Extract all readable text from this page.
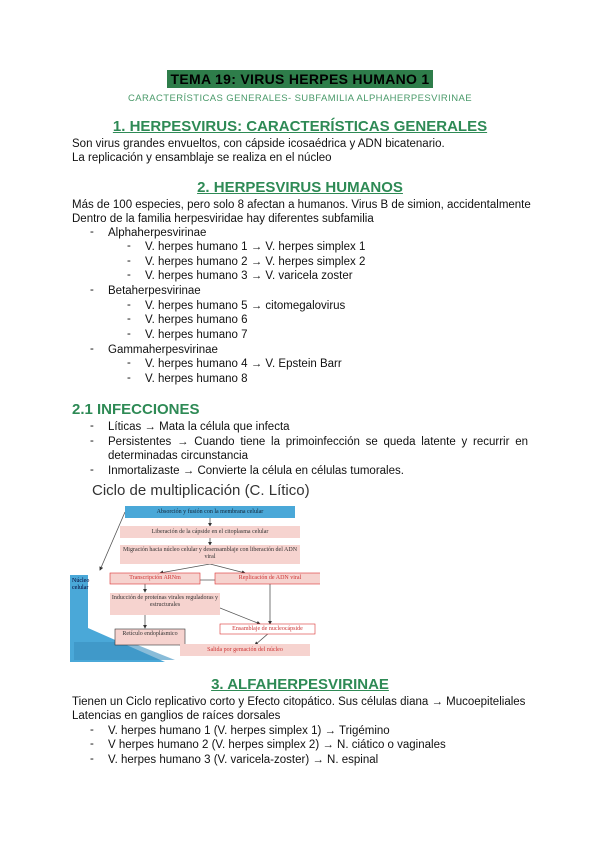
TEMA 19: VIRUS HERPES HUMANO 1
CARACTERÍSTICAS GENERALES- SUBFAMILIA ALPHAHERPESVIRINAE
1. HERPESVIRUS: CARACTERÍSTICAS GENERALES
Son virus grandes envueltos, con cápside icosaédrica y ADN bicatenario.
La replicación y ensamblaje se realiza en el núcleo
2. HERPESVIRUS HUMANOS
Más de 100 especies, pero solo 8 afectan a humanos. Virus B de simion, accidentalmente
Dentro de la familia herpesviridae hay diferentes subfamilia
- Alphaherpesvirinae
- V. herpes humano 1 → V. herpes simplex 1
- V. herpes humano 2 → V. herpes simplex 2
- V. herpes humano 3 → V. varicela zoster
- Betaherpesvirinae
- V. herpes humano 5 → citomegalovirus
- V. herpes humano 6
- V. herpes humano 7
- Gammaherpesvirinae
- V. herpes humano 4 → V. Epstein Barr
- V. herpes humano 8
2.1 INFECCIONES
- Líticas → Mata la célula que infecta
- Persistentes → Cuando tiene la primoinfección se queda latente y recurrir en determinadas circunstancia
- Inmortalizaste → Convierte la célula en células tumorales.
Ciclo de multiplicación (C. Lítico)
Absorción y fusión con la membrana celular
Liberación de la cápside en el citoplasma celular
Migración hacia núcleo celular y desensamblaje con liberación del ADN viral
Transcripción ARNm	Replicación de ADN viral
Inducción de proteínas virales reguladoras y estructurales
Ensamblaje de nucleocápside
Retículo endoplásmico
Salida por gemación del núcleo
Núcleo celular
3. ALFAHERPESVIRINAE
Tienen un Ciclo replicativo corto y Efecto citopático. Sus células diana → Mucoepiteliales
Latencias en ganglios de raíces dorsales
- V. herpes humano 1 (V. herpes simplex 1) → Trigémino
- V herpes humano 2 (V. herpes simplex 2) → N. ciático o vaginales
- V. herpes humano 3 (V. varicela-zoster) → N. espinal
